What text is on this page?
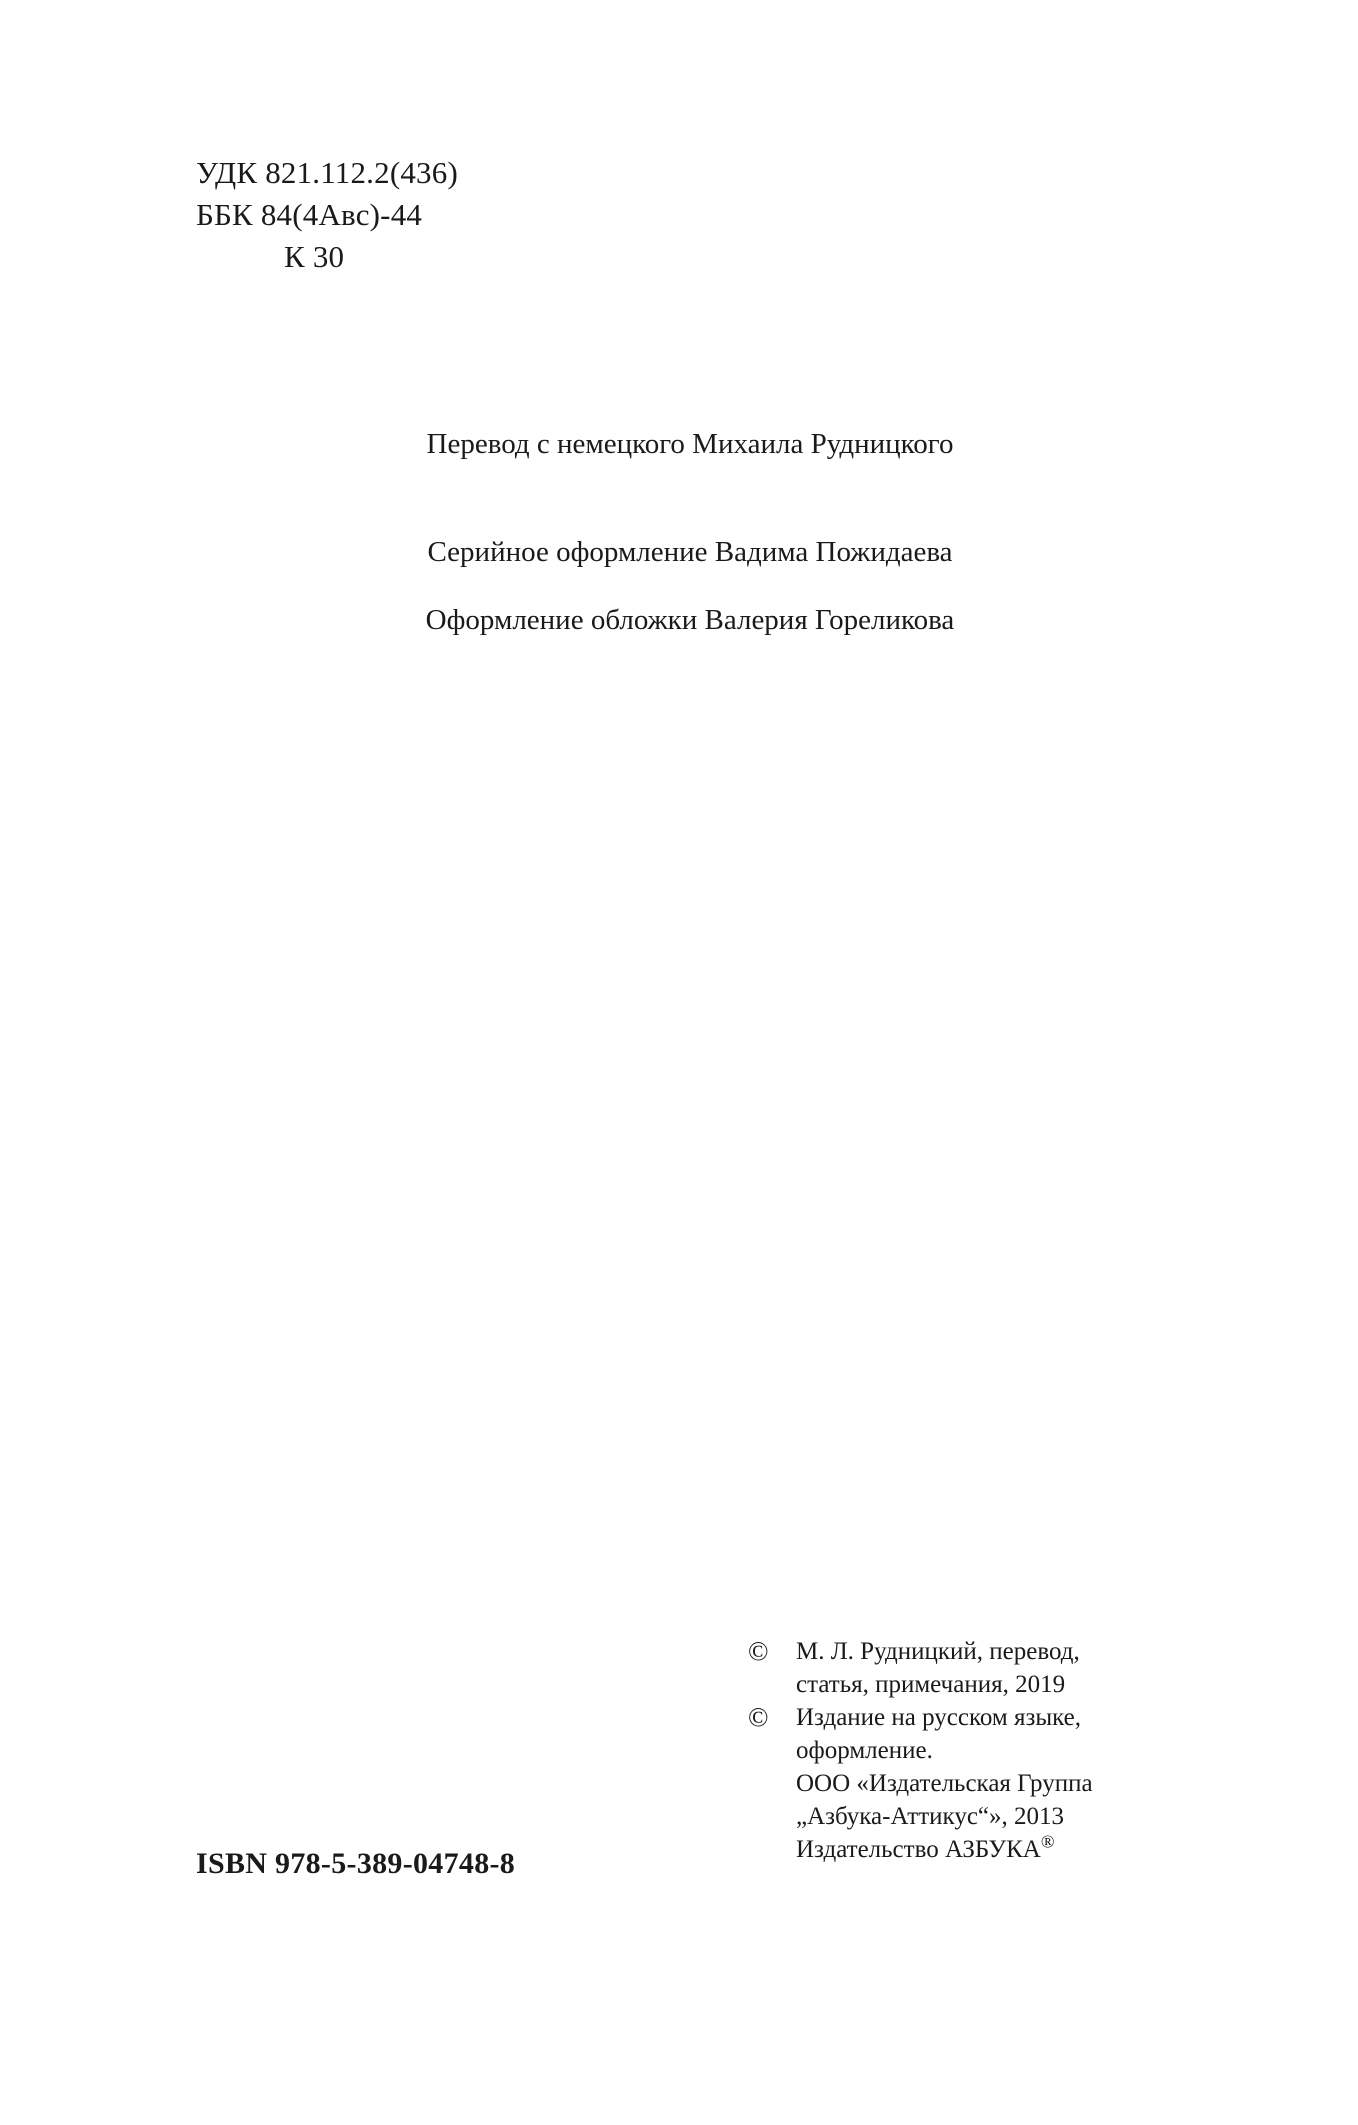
УДК 821.112.2(436)
ББК 84(4Авс)-44
К 30
Перевод с немецкого Михаила Рудницкого
Серийное оформление Вадима Пожидаева
Оформление обложки Валерия Гореликова
ISBN 978-5-389-04748-8
© М. Л. Рудницкий, перевод,
статья, примечания, 2019
© Издание на русском языке,
оформление.
ООО «Издательская Группа
„Азбука-Аттикус“», 2013
Издательство АЗБУКА®
